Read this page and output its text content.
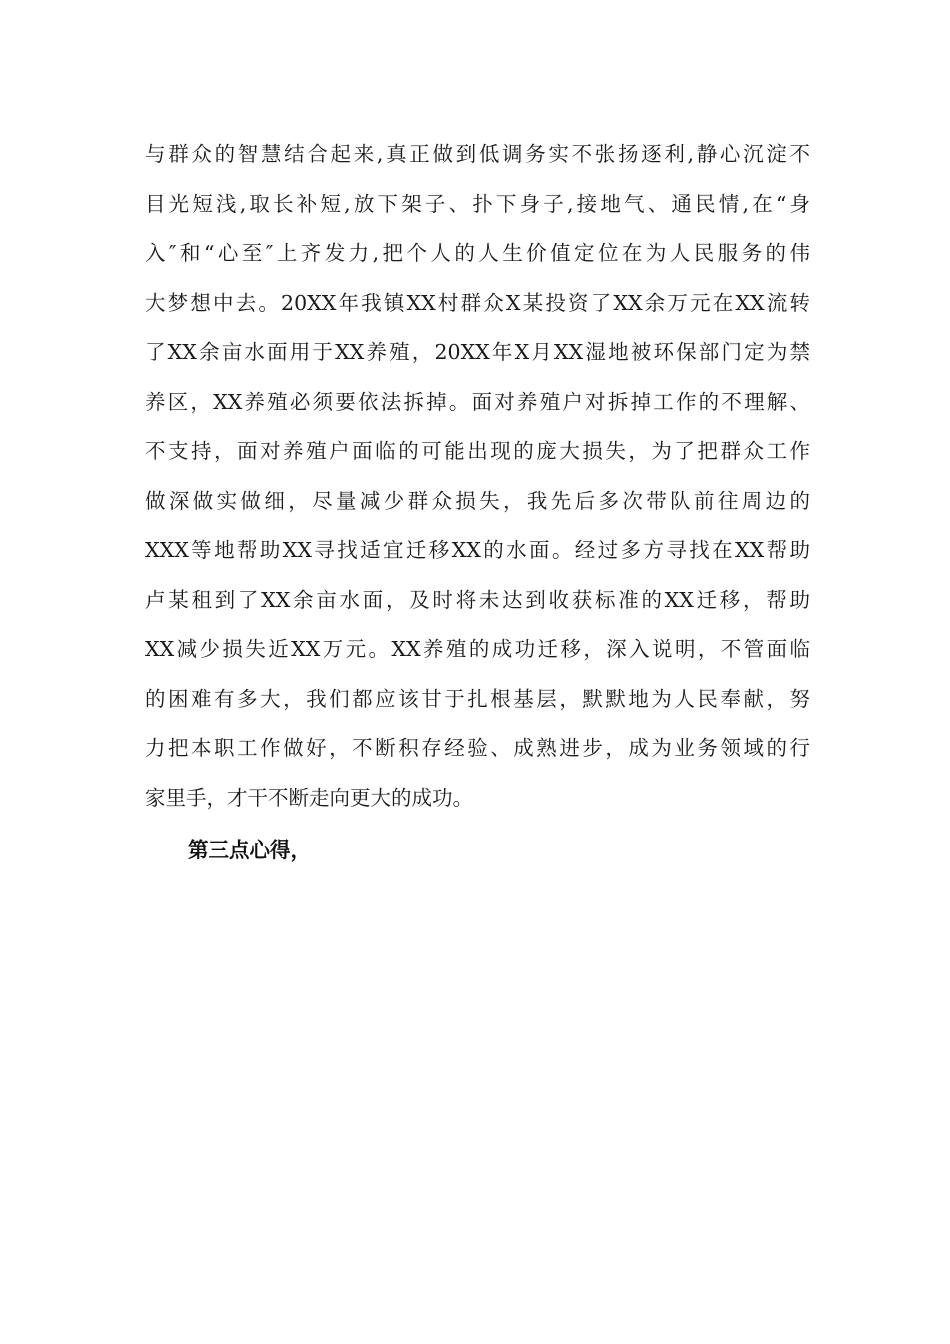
与群众的智慧结合起来,真正做到低调务实不张扬逐利,静心沉淀不
目光短浅,取长补短,放下架子、扑下身子,接地气、通民情,在“身
入″和“心至″上齐发力,把个人的人生价值定位在为人民服务的伟
大梦想中去。20XX年我镇XX村群众X某投资了XX余万元在XX流转
了XX余亩水面用于XX养殖，20XX年X月XX湿地被环保部门定为禁
养区，XX养殖必须要依法拆掉。面对养殖户对拆掉工作的不理解、
不支持，面对养殖户面临的可能出现的庞大损失，为了把群众工作
做深做实做细，尽量减少群众损失，我先后多次带队前往周边的
XXX等地帮助XX寻找适宜迁移XX的水面。经过多方寻找在XX帮助
卢某租到了XX余亩水面，及时将未达到收获标准的XX迁移，帮助
XX减少损失近XX万元。XX养殖的成功迁移，深入说明，不管面临
的困难有多大，我们都应该甘于扎根基层，默默地为人民奉献，努
力把本职工作做好，不断积存经验、成熟进步，成为业务领域的行
家里手，才干不断走向更大的成功。

第三点心得，
